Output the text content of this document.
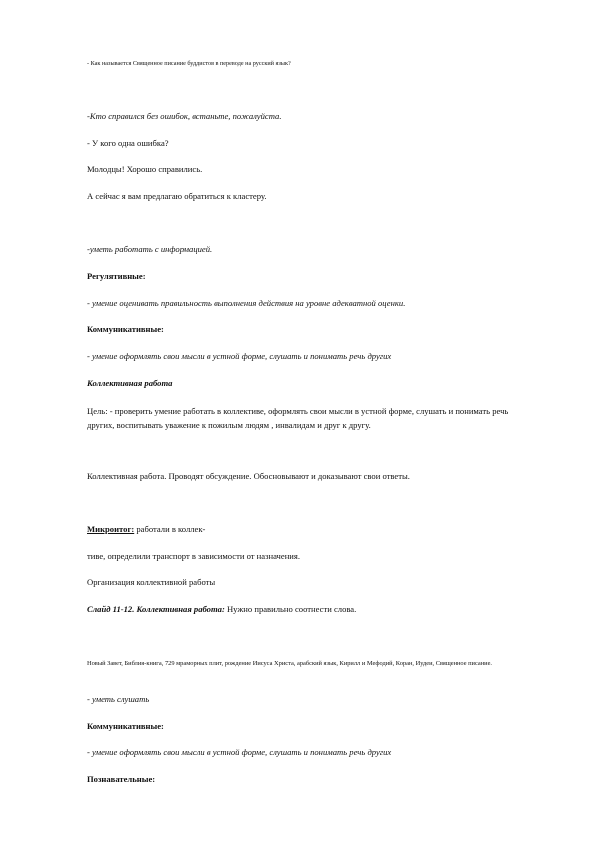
- Как называется Священное писание буддистов в переводе на русский язык?

-Кто справился без ошибок, встаньте, пожалуйста.

- У кого одна ошибка?

Молодцы! Хорошо справились.

А сейчас я вам предлагаю обратиться к кластеру.

-уметь работать с информацией.

Регулятивные:

- умение оценивать правильность выполнения действия на уровне адекватной оценки.

Коммуникативные:

- умение оформлять свои мысли в устной форме, слушать и понимать речь других

Коллективная работа

Цель: - проверить умение работать в коллективе, оформлять свои мысли в устной форме, слушать и понимать речь других, воспитывать уважение к пожилым людям , инвалидам и друг к другу.

Коллективная работа. Проводят обсуждение. Обосновывают и доказывают свои ответы.

Микроитог: работали в коллек-

тиве, определили транспорт в зависимости от назначения.

Организация коллективной работы

Слайд 11-12. Коллективная работа: Нужно правильно соотнести слова.

Новый Завет, Библия-книга, 729 мраморных плит, рождение Иисуса Христа, арабский язык, Кирилл и Мефодий, Коран, Иудеи, Священное писание.

- уметь слушать

Коммуникативные:

- умение оформлять свои мысли в устной форме, слушать и понимать речь других

Познавательные:
